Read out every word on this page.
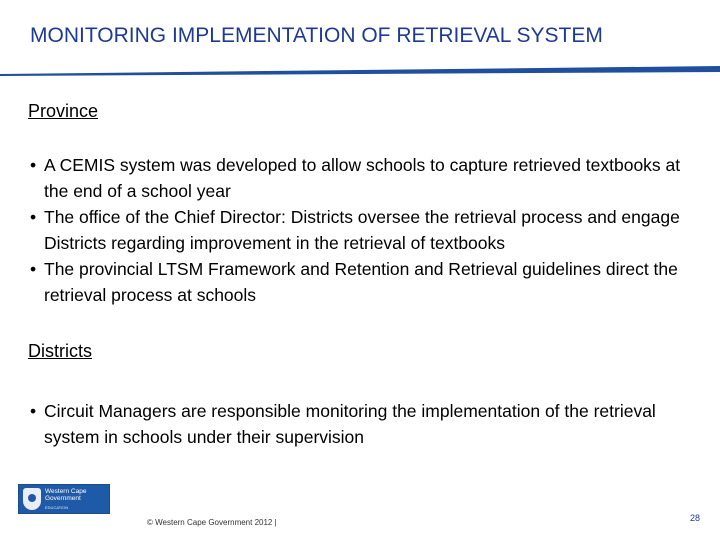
MONITORING IMPLEMENTATION OF RETRIEVAL SYSTEM
Province
• A CEMIS system was developed to allow schools to capture retrieved textbooks at the end of a school year
• The office of the Chief Director: Districts oversee the retrieval process and engage Districts regarding improvement in the retrieval of textbooks
• The provincial LTSM Framework and Retention and Retrieval guidelines direct the retrieval process at schools
Districts
• Circuit Managers are responsible monitoring the implementation of the retrieval system in schools under their supervision
Western Cape
Government
EDUCATION
© Western Cape Government 2012 |	28
